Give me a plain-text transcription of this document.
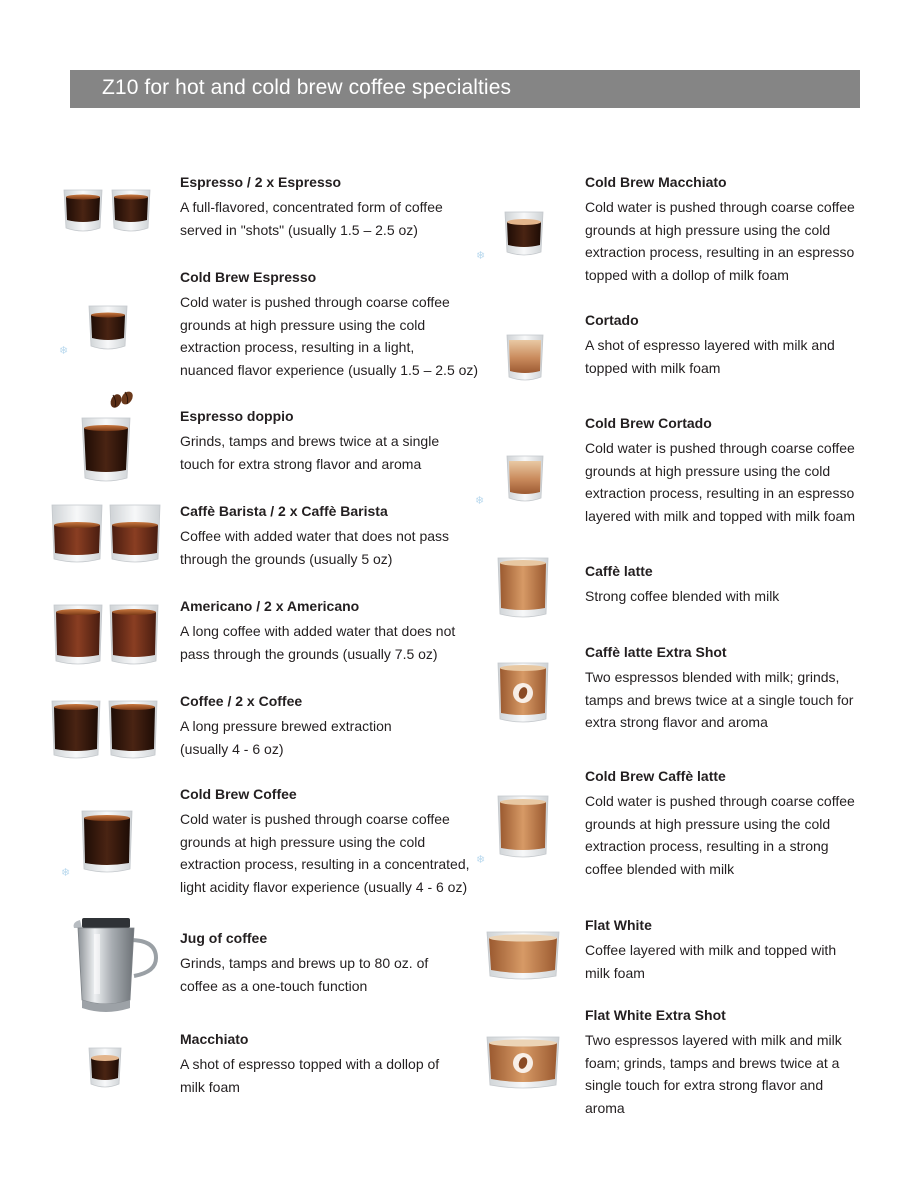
Z10 for hot and cold brew coffee specialties
Espresso / 2 x Espresso
A full-flavored, concentrated form of coffee
served in "shots" (usually 1.5 – 2.5 oz)
Cold Brew Espresso
Cold water is pushed through coarse coffee
grounds at high pressure using the cold
extraction process, resulting in a light,
nuanced flavor experience (usually 1.5 – 2.5 oz)
Espresso doppio
Grinds, tamps and brews twice at a single
touch for extra strong flavor and aroma
Caffè Barista / 2 x Caffè Barista
Coffee with added water that does not pass
through the grounds (usually 5 oz)
Americano / 2 x Americano
A long coffee with added water that does not
pass through the grounds (usually 7.5 oz)
Coffee / 2 x Coffee
A long pressure brewed extraction
(usually 4 - 6 oz)
Cold Brew Coffee
Cold water is pushed through coarse coffee
grounds at high pressure using the cold
extraction process, resulting in a concentrated,
light acidity flavor experience (usually 4 - 6 oz)
Jug of coffee
Grinds, tamps and brews up to 80 oz. of
coffee as a one-touch function
Macchiato
A shot of espresso topped with a dollop of
milk foam
Cold Brew Macchiato
Cold water is pushed through coarse coffee
grounds at high pressure using the cold
extraction process, resulting in an espresso
topped with a dollop of milk foam
Cortado
A shot of espresso layered with milk and
topped with milk foam
Cold Brew Cortado
Cold water is pushed through coarse coffee
grounds at high pressure using the cold
extraction process, resulting in an espresso
layered with milk and topped with milk foam
Caffè latte
Strong coffee blended with milk
Caffè latte Extra Shot
Two espressos blended with milk; grinds,
tamps and brews twice at a single touch for
extra strong flavor and aroma
Cold Brew Caffè latte
Cold water is pushed through coarse coffee
grounds at high pressure using the cold
extraction process, resulting in a strong
coffee blended with milk
Flat White
Coffee layered with milk and topped with
milk foam
Flat White Extra Shot
Two espressos layered with milk and milk
foam; grinds, tamps and brews twice at a
single touch for extra strong flavor and
aroma
❄
❄
❄
❄
❄
